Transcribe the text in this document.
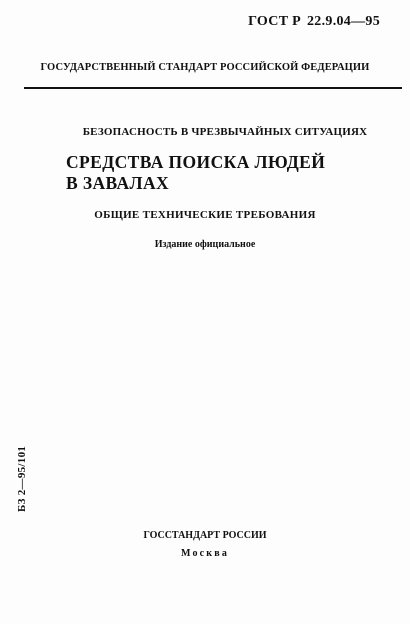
ГОСТ Р 22.9.04—95
ГОСУДАРСТВЕННЫЙ СТАНДАРТ РОССИЙСКОЙ ФЕДЕРАЦИИ
БЕЗОПАСНОСТЬ В ЧРЕЗВЫЧАЙНЫХ СИТУАЦИЯХ
СРЕДСТВА ПОИСКА ЛЮДЕЙ
В ЗАВАЛАХ
ОБЩИЕ ТЕХНИЧЕСКИЕ ТРЕБОВАНИЯ
Издание официальное
БЗ 2—95/101
ГОССТАНДАРТ РОССИИ
Москва
